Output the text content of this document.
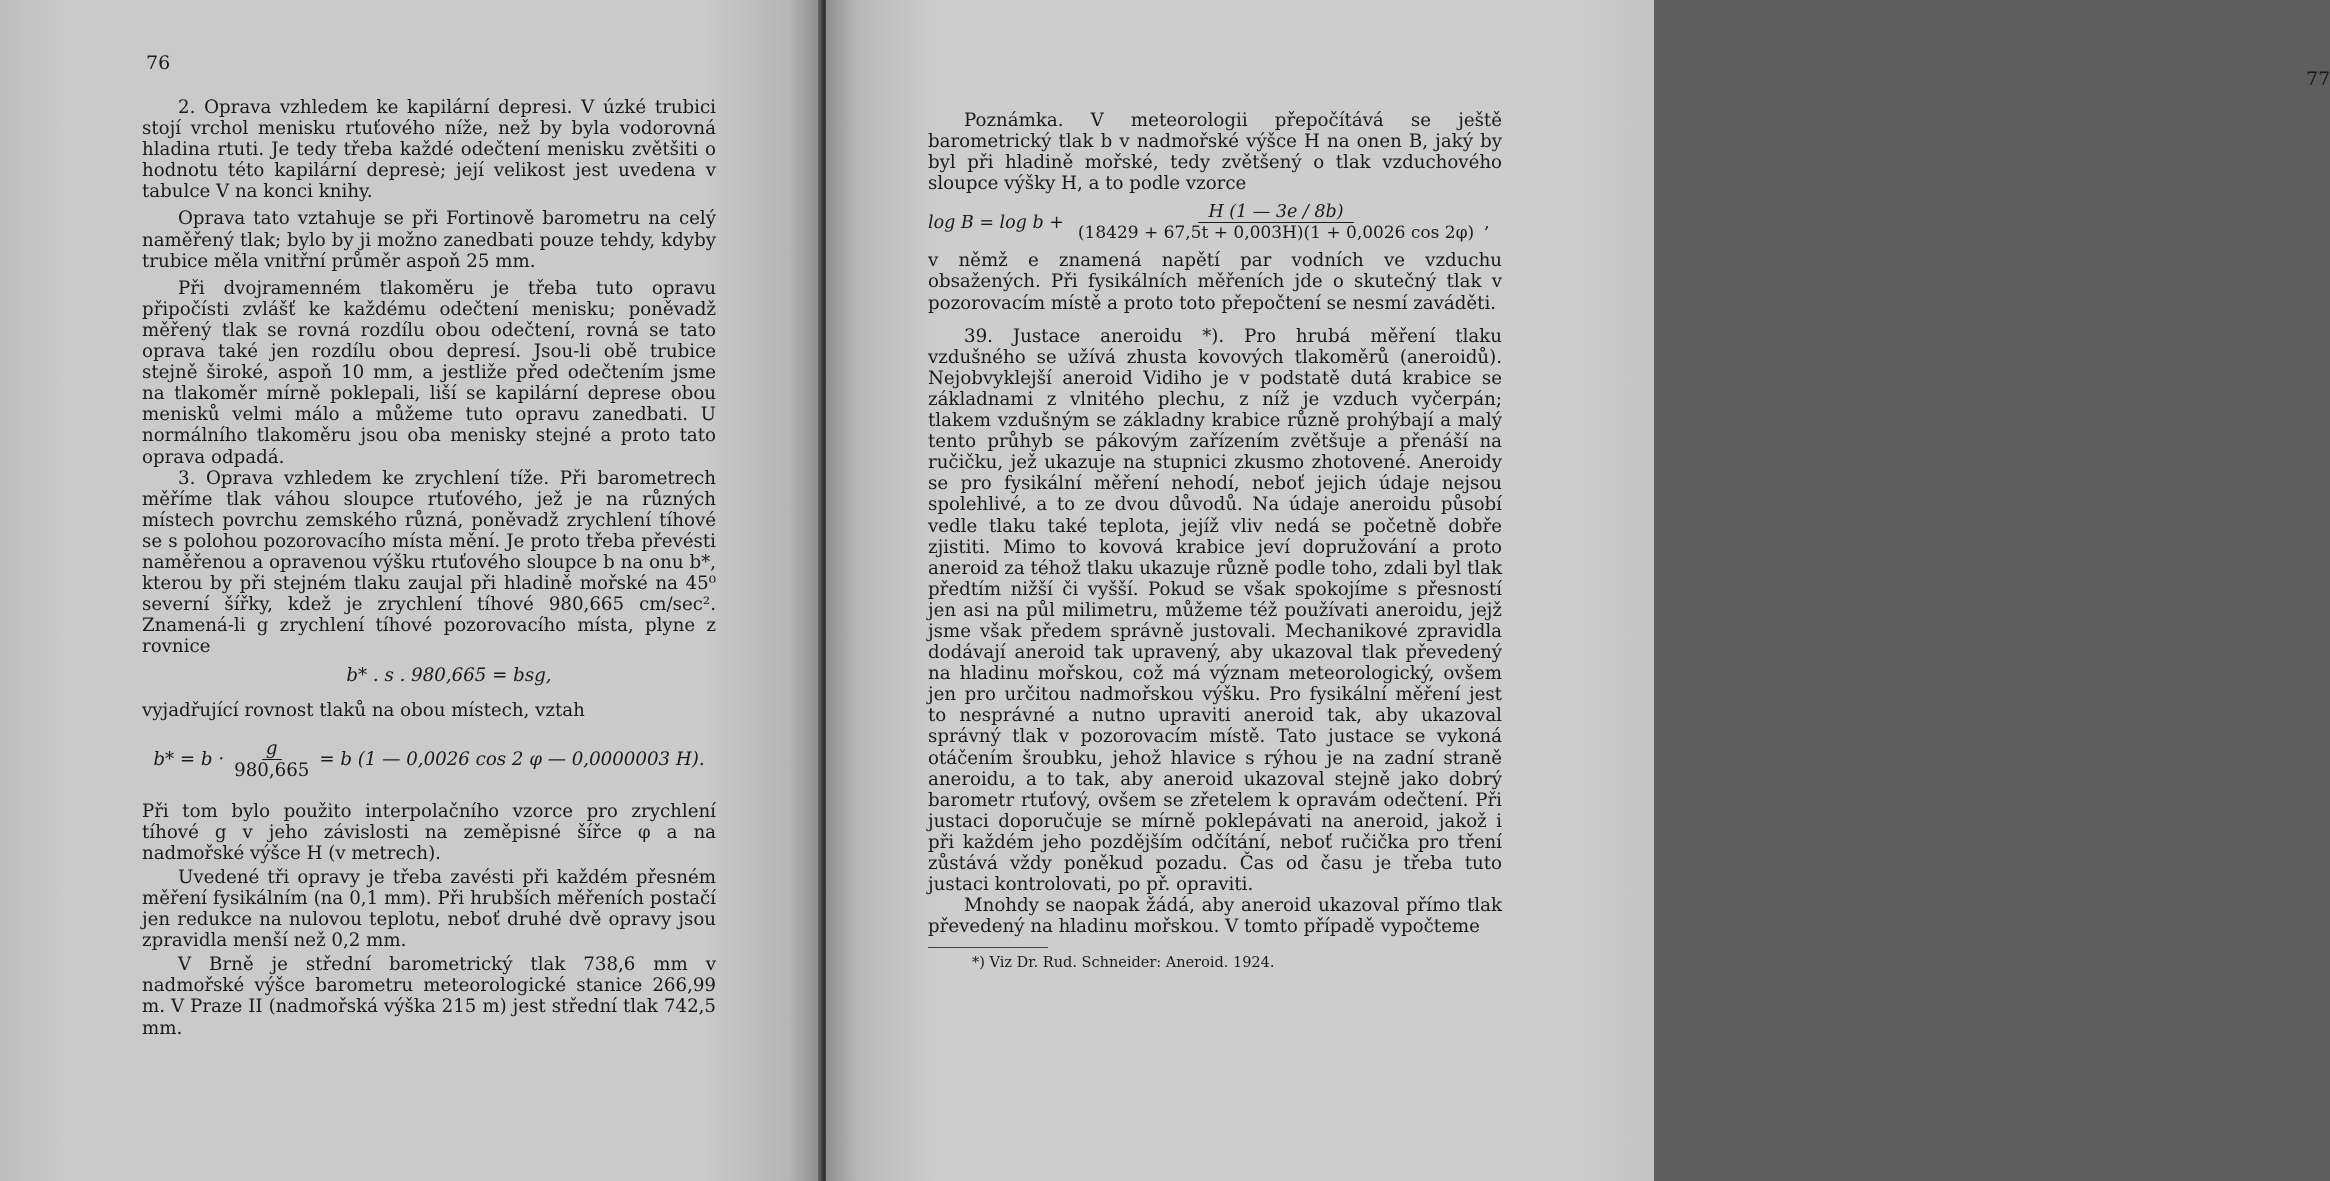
76

2. Oprava vzhledem ke kapilární depresi. V úzké trubici stojí vrchol menisku rtuťového níže, než by byla vodorovná hladina rtuti. Je tedy třeba každé odečtení menisku zvětšiti o hodnotu této kapilární depresė; její velikost jest uvedena v tabulce V na konci knihy.

Oprava tato vztahuje se při Fortinově barometru na celý naměřený tlak; bylo by ji možno zanedbati pouze tehdy, kdyby trubice měla vnitřní průměr aspoň 25 mm.

Při dvojramenném tlakoměru je třeba tuto opravu připočísti zvlášť ke každému odečtení menisku; poněvadž měřený tlak se rovná rozdílu obou odečtení, rovná se tato oprava také jen rozdílu obou depresí. Jsou-li obě trubice stejně široké, aspoň 10 mm, a jestliže před odečtením jsme na tlakoměr mírně poklepali, liší se kapilární deprese obou menisků velmi málo a můžeme tuto opravu zanedbati. U normálního tlakoměru jsou oba menisky stejné a proto tato oprava odpadá.

3. Oprava vzhledem ke zrychlení tíže. Při barometrech měříme tlak váhou sloupce rtuťového, jež je na různých místech povrchu zemského různá, poněvadž zrychlení tíhové se s polohou pozorovacího místa mění. Je proto třeba převésti naměřenou a opravenou výšku rtuťového sloupce b na onu b*, kterou by při stejném tlaku zaujal při hladině mořské na 45⁰ severní šířky, kdež je zrychlení tíhové 980,665 cm/sec². Znamená-li g zrychlení tíhové pozorovacího místa, plyne z rovnice

b* . s . 980,665 = bsg,

vyjadřující rovnost tlaků na obou místech, vztah

$b* = b \cdot \frac{g}{980,665} = b$ (1 — 0,0026 cos 2 φ — 0,0000003 H).

Při tom bylo použito interpolačního vzorce pro zrychlení tíhové g v jeho závislosti na zeměpisné šířce φ a na nadmořské výšce H (v metrech).

Uvedené tři opravy je třeba zavésti při každém přesném měření fysikálním (na 0,1 mm). Při hrubších měřeních postačí jen redukce na nulovou teplotu, neboť druhé dvě opravy jsou zpravidla menší než 0,2 mm.

V Brně je střední barometrický tlak 738,6 mm v nadmořské výšce barometru meteorologické stanice 266,99 m. V Praze II (nadmořská výška 215 m) jest střední tlak 742,5 mm.

77

Poznámka. V meteorologii přepočítává se ještě barometrický tlak b v nadmořské výšce H na onen B, jaký by byl při hladině mořské, tedy zvětšený o tlak vzduchového sloupce výšky H, a to podle vzorce

$\log B = \log b + \frac{H (1 — 3e / 8b)}{(18429 + 67,5t + 0,003H)(1 + 0,0026 \cos 2\varphi)}$ ,

v němž e znamená napětí par vodních ve vzduchu obsažených. Při fysikálních měřeních jde o skutečný tlak v pozorovacím místě a proto toto přepočtení se nesmí zaváděti.

39. Justace aneroidu *). Pro hrubá měření tlaku vzdušného se užívá zhusta kovových tlakoměrů (aneroidů). Nejobvyklejší aneroid Vidiho je v podstatě dutá krabice se základnami z vlnitého plechu, z níž je vzduch vyčerpán; tlakem vzdušným se základny krabice různě prohýbají a malý tento průhyb se pákovým zařízením zvětšuje a přenáší na ručičku, jež ukazuje na stupnici zkusmo zhotovené. Aneroidy se pro fysikální měření nehodí, neboť jejich údaje nejsou spolehlivé, a to ze dvou důvodů. Na údaje aneroidu působí vedle tlaku také teplota, jejíž vliv nedá se početně dobře zjistiti. Mimo to kovová krabice jeví dopružování a proto aneroid za téhož tlaku ukazuje různě podle toho, zdali byl tlak předtím nižší či vyšší. Pokud se však spokojíme s přesností jen asi na půl milimetru, můžeme též používati aneroidu, jejž jsme však předem správně justovali. Mechanikové zpravidla dodávají aneroid tak upravený, aby ukazoval tlak převedený na hladinu mořskou, což má význam meteorologický, ovšem jen pro určitou nadmořskou výšku. Pro fysikální měření jest to nesprávné a nutno upraviti aneroid tak, aby ukazoval správný tlak v pozorovacím místě. Tato justace se vykoná otáčením šroubku, jehož hlavice s rýhou je na zadní straně aneroidu, a to tak, aby aneroid ukazoval stejně jako dobrý barometr rtuťový, ovšem se zřetelem k opravám odečtení. Při justaci doporučuje se mírně poklepávati na aneroid, jakož i při každém jeho pozdějším odčítání, neboť ručička pro tření zůstává vždy poněkud pozadu. Čas od času je třeba tuto justaci kontrolovati, po př. opraviti.

Mnohdy se naopak žádá, aby aneroid ukazoval přímo tlak převedený na hladinu mořskou. V tomto případě vypočteme

*) Viz Dr. Rud. Schneider: Aneroid. 1924.
